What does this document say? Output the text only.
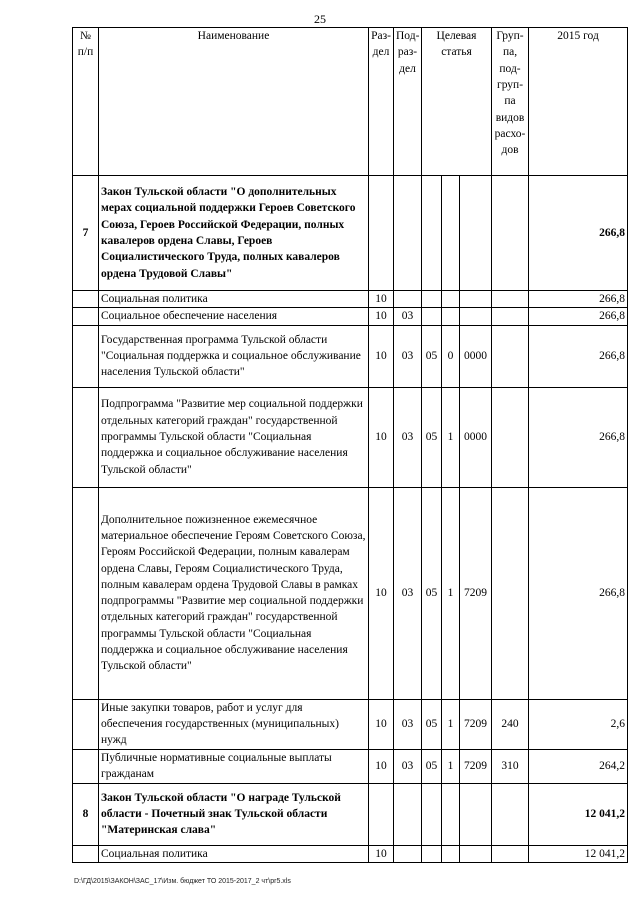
25
№ п/п	Наименование	Раз- дел	Под- раз- дел	Целевая статья			Груп- па, под- груп- па видов расхо- дов	2015 год
7	Закон Тульской области "О дополнительных мерах социальной поддержки Героев Советского Союза, Героев Российской Федерации, полных кавалеров ордена Славы, Героев Социалистического Труда, полных кавалеров ордена Трудовой Славы"							266,8
	Социальная политика	10						266,8
	Социальное обеспечение населения	10	03					266,8
	Государственная программа Тульской области "Социальная поддержка и социальное обслуживание населения Тульской области"	10	03	05	0	0000		266,8
	Подпрограмма "Развитие мер социальной поддержки отдельных категорий граждан" государственной программы Тульской области "Социальная поддержка и социальное обслуживание населения Тульской области"	10	03	05	1	0000		266,8
	Дополнительное пожизненное ежемесячное материальное обеспечение Героям Советского Союза, Героям Российской Федерации, полным кавалерам ордена Славы, Героям Социалистического Труда, полным кавалерам ордена Трудовой Славы в рамках подпрограммы "Развитие мер социальной поддержки отдельных категорий граждан" государственной программы Тульской области "Социальная поддержка и социальное обслуживание населения Тульской области"	10	03	05	1	7209		266,8
	Иные закупки товаров, работ и услуг для обеспечения государственных (муниципальных) нужд	10	03	05	1	7209	240	2,6
	Публичные нормативные социальные выплаты гражданам	10	03	05	1	7209	310	264,2
8	Закон Тульской области "О награде Тульской области - Почетный знак Тульской области "Материнская слава"							12 041,2
	Социальная политика	10						12 041,2
D:\ГД\2015\ЗАКОН\ЗАС_17\Изм. бюджет ТО 2015-2017_2 чт\pr5.xls
